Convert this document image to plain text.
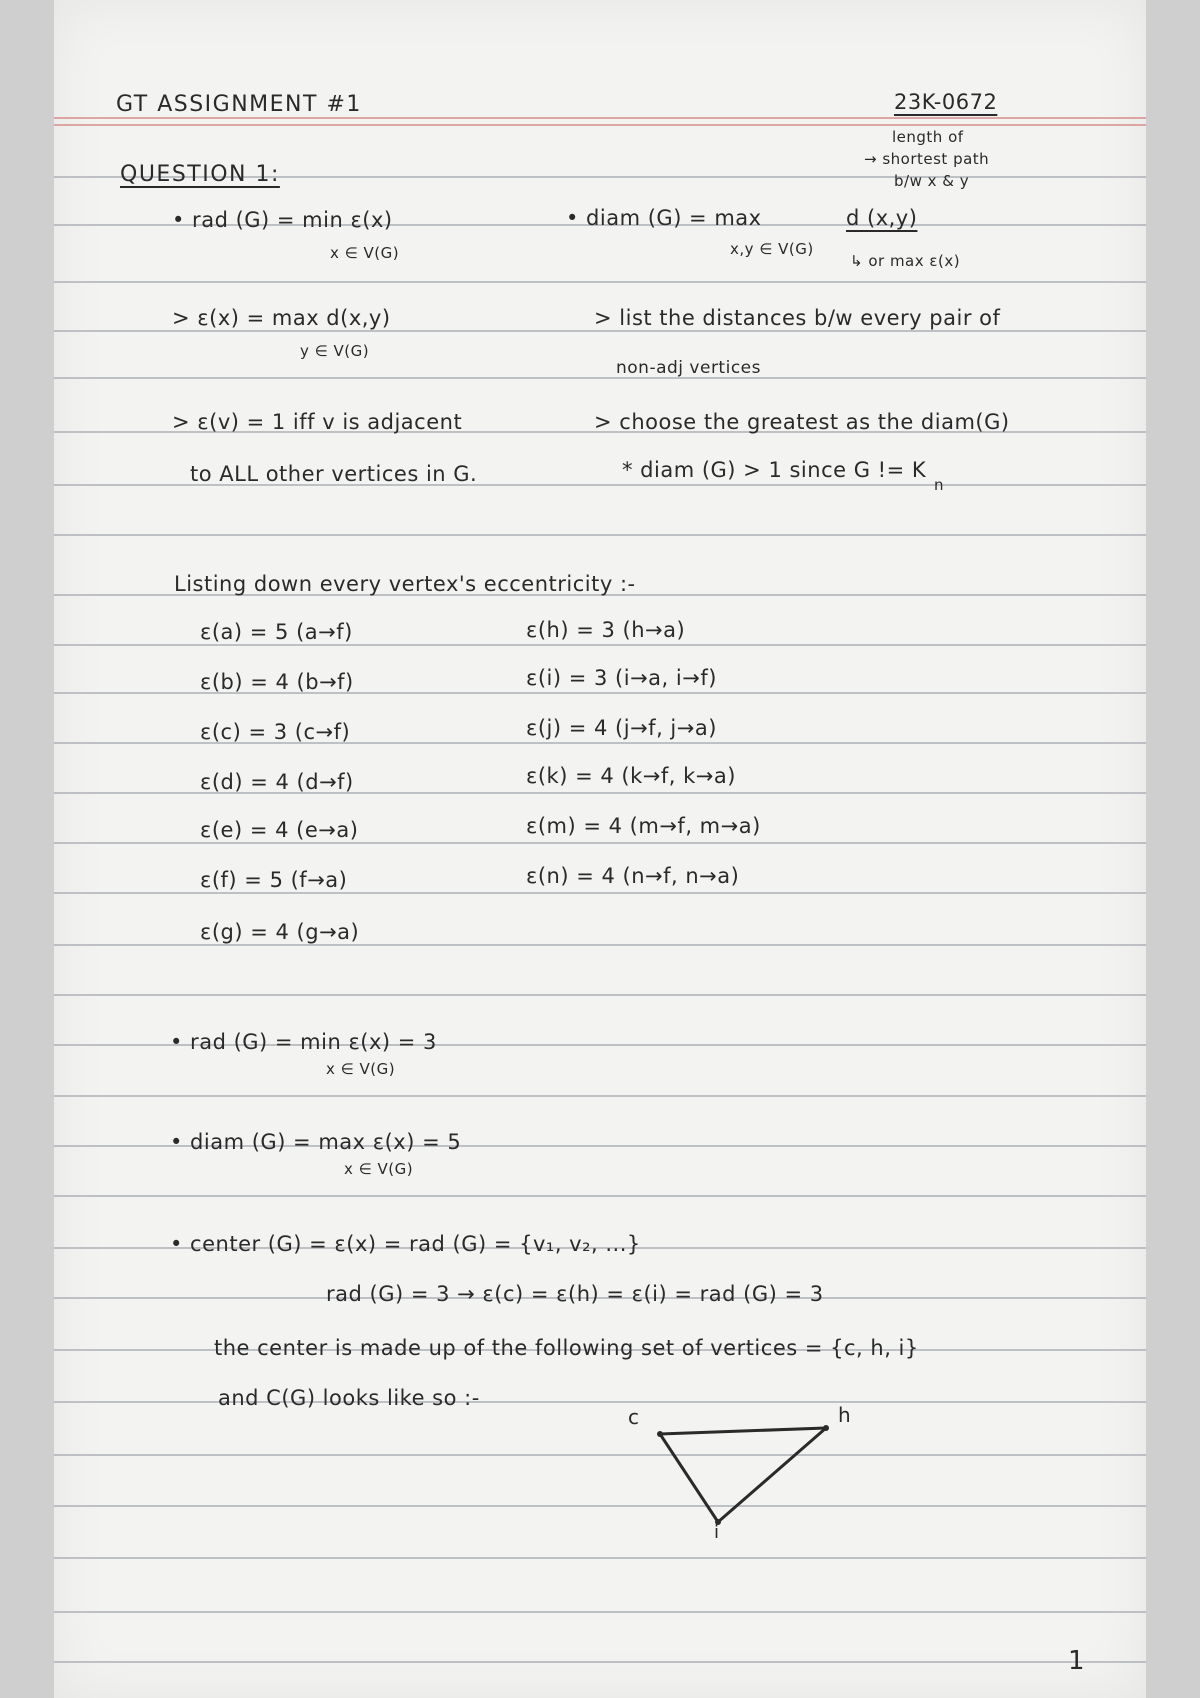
GT ASSIGNMENT #1	23K-0672
QUESTION 1:
• rad (G) = min ε(x)
x ∈ V(G)
• diam (G) = max
x,y ∈ V(G)
d (x,y)
length of
→ shortest path
b/w x & y
↳ or max ε(x)
> ε(x) = max d(x,y)
y ∈ V(G)
> ε(v) = 1 iff v is adjacent
to ALL other vertices in G.
> list the distances b/w every pair of
non-adj vertices
> choose the greatest as the diam(G)
* diam (G) > 1 since G != K
n
Listing down every vertex's eccentricity :-
ε(a) = 5 (a→f)
ε(b) = 4 (b→f)
ε(c) = 3 (c→f)
ε(d) = 4 (d→f)
ε(e) = 4 (e→a)
ε(f) = 5 (f→a)
ε(g) = 4 (g→a)
ε(h) = 3 (h→a)
ε(i) = 3 (i→a, i→f)
ε(j) = 4 (j→f, j→a)
ε(k) = 4 (k→f, k→a)
ε(m) = 4 (m→f, m→a)
ε(n) = 4 (n→f, n→a)
• rad (G) = min ε(x) = 3
x ∈ V(G)
• diam (G) = max ε(x) = 5
x ∈ V(G)
• center (G) = ε(x) = rad (G) = {v₁, v₂, ...}
rad (G) = 3 → ε(c) = ε(h) = ε(i) = rad (G) = 3
the center is made up of the following set of vertices = {c, h, i}
and C(G) looks like so :-
c	h
i
1
